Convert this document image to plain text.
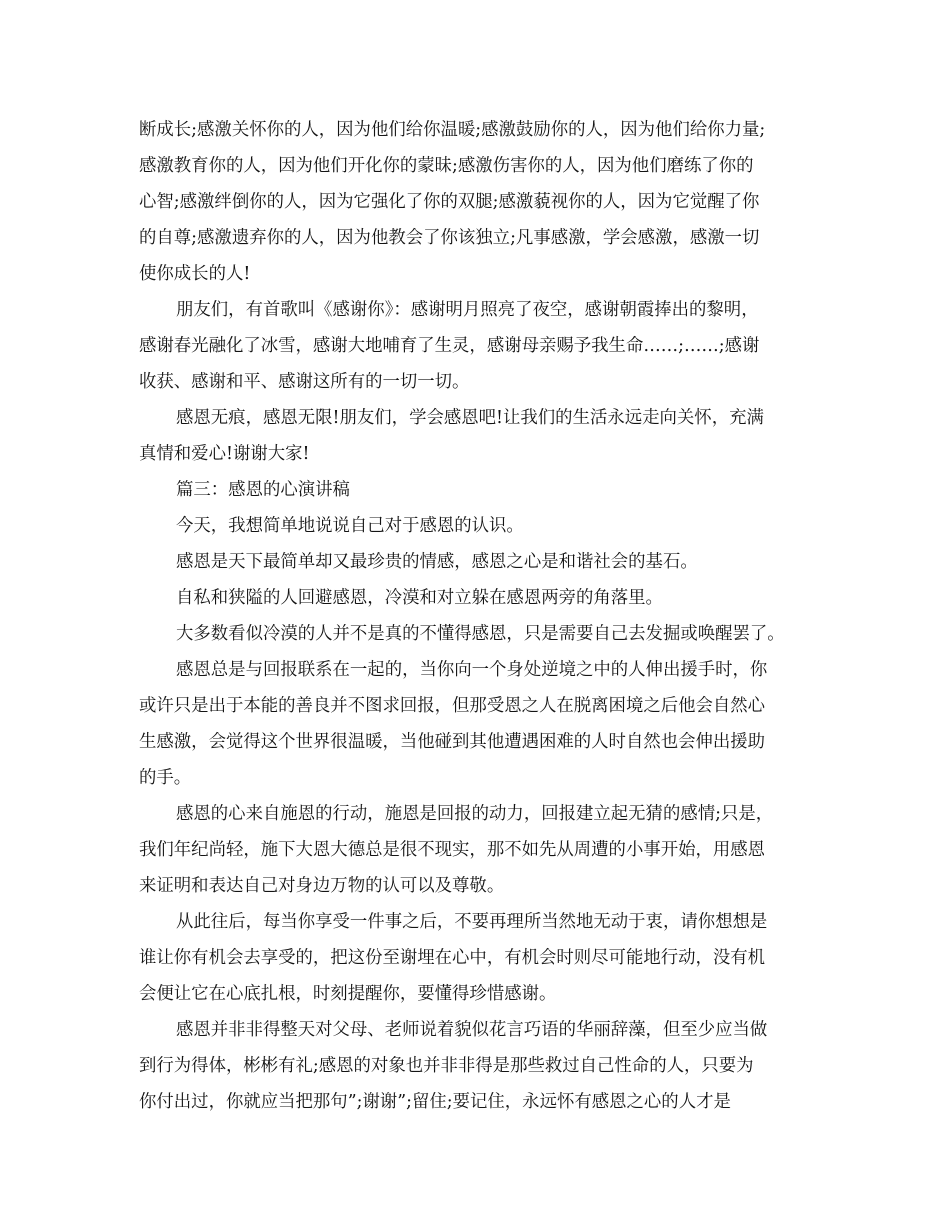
断成长;感激关怀你的人，因为他们给你温暖;感激鼓励你的人，因为他们给你力量;
感激教育你的人，因为他们开化你的蒙昧;感激伤害你的人，因为他们磨练了你的
心智;感激绊倒你的人，因为它强化了你的双腿;感激藐视你的人，因为它觉醒了你
的自尊;感激遗弃你的人，因为他教会了你该独立;凡事感激，学会感激，感激一切
使你成长的人!
朋友们，有首歌叫《感谢你》：感谢明月照亮了夜空，感谢朝霞捧出的黎明，
感谢春光融化了冰雪，感谢大地哺育了生灵，感谢母亲赐予我生命……;……;感谢
收获、感谢和平、感谢这所有的一切一切。
感恩无痕，感恩无限!朋友们，学会感恩吧!让我们的生活永远走向关怀，充满
真情和爱心!谢谢大家!
篇三：感恩的心演讲稿
今天，我想简单地说说自己对于感恩的认识。
感恩是天下最简单却又最珍贵的情感，感恩之心是和谐社会的基石。
自私和狭隘的人回避感恩，冷漠和对立躲在感恩两旁的角落里。
大多数看似冷漠的人并不是真的不懂得感恩，只是需要自己去发掘或唤醒罢了。
感恩总是与回报联系在一起的，当你向一个身处逆境之中的人伸出援手时，你
或许只是出于本能的善良并不图求回报，但那受恩之人在脱离困境之后他会自然心
生感激，会觉得这个世界很温暖，当他碰到其他遭遇困难的人时自然也会伸出援助
的手。
感恩的心来自施恩的行动，施恩是回报的动力，回报建立起无猜的感情;只是，
我们年纪尚轻，施下大恩大德总是很不现实，那不如先从周遭的小事开始，用感恩
来证明和表达自己对身边万物的认可以及尊敬。
从此往后，每当你享受一件事之后，不要再理所当然地无动于衷，请你想想是
谁让你有机会去享受的，把这份至谢埋在心中，有机会时则尽可能地行动，没有机
会便让它在心底扎根，时刻提醒你，要懂得珍惜感谢。
感恩并非非得整天对父母、老师说着貌似花言巧语的华丽辞藻，但至少应当做
到行为得体，彬彬有礼;感恩的对象也并非非得是那些救过自己性命的人，只要为
你付出过，你就应当把那句”;谢谢”;留住;要记住，永远怀有感恩之心的人才是
